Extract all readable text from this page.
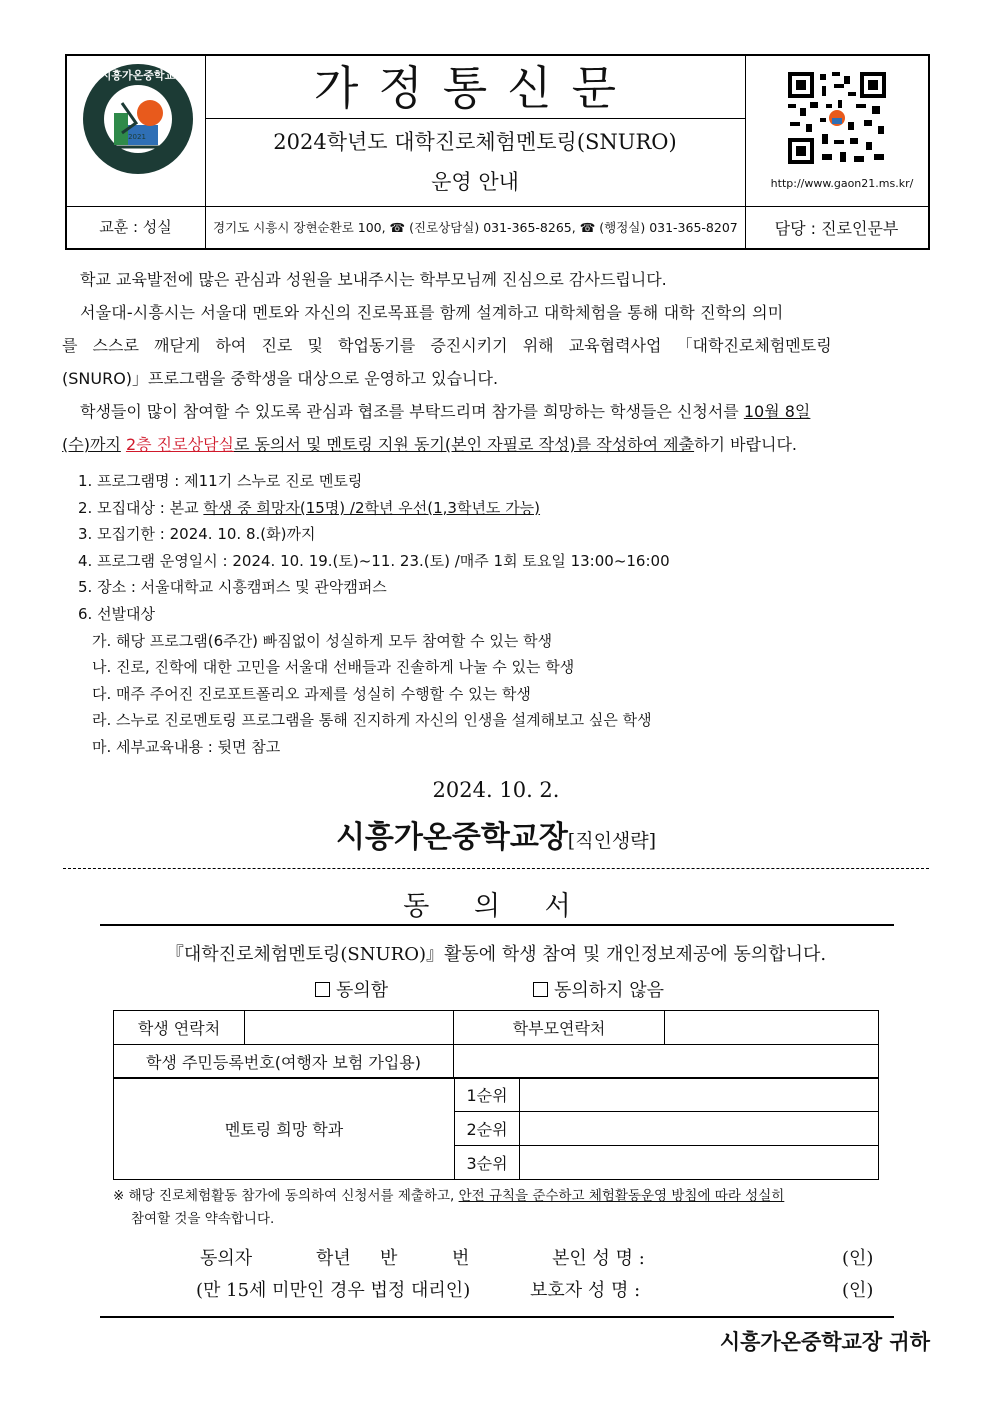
시흥가온중학교
2021
가정통신문
2024학년도 대학진로체험멘토링(SNURO)
운영 안내	http://www.gaon21.ms.kr/
교훈 : 성실	경기도 시흥시 장현순환로 100, ☎ (진로상담실) 031-365-8265, ☎ (행정실) 031-365-8207	담당 : 진로인문부
학교 교육발전에 많은 관심과 성원을 보내주시는 학부모님께 진심으로 감사드립니다.
서울대-시흥시는 서울대 멘토와 자신의 진로목표를 함께 설계하고 대학체험을 통해 대학 진학의 의미
를 스스로 깨닫게 하여 진로 및 학업동기를 증진시키기 위해 교육협력사업 「대학진로체험멘토링
(SNURO)」프로그램을 중학생을 대상으로 운영하고 있습니다.
학생들이 많이 참여할 수 있도록 관심과 협조를 부탁드리며 참가를 희망하는 학생들은 신청서를 10월 8일
(수)까지 2층 진로상담실로 동의서 및 멘토링 지원 동기(본인 자필로 작성)를 작성하여 제출하기 바랍니다.
1. 프로그램명 : 제11기 스누로 진로 멘토링
2. 모집대상 : 본교 학생 중 희망자(15명) /2학년 우선(1,3학년도 가능)
3. 모집기한 : 2024. 10. 8.(화)까지
4. 프로그램 운영일시 : 2024. 10. 19.(토)~11. 23.(토) /매주 1회 토요일 13:00~16:00
5. 장소 : 서울대학교 시흥캠퍼스 및 관악캠퍼스
6. 선발대상
가. 해당 프로그램(6주간) 빠짐없이 성실하게 모두 참여할 수 있는 학생
나. 진로, 진학에 대한 고민을 서울대 선배들과 진솔하게 나눌 수 있는 학생
다. 매주 주어진 진로포트폴리오 과제를 성실히 수행할 수 있는 학생
라. 스누로 진로멘토링 프로그램을 통해 진지하게 자신의 인생을 설계해보고 싶은 학생
마. 세부교육내용 : 뒷면 참고
2024. 10. 2.
시흥가온중학교장[직인생략]
동 의 서
『대학진로체험멘토링(SNURO)』활동에 학생 참여 및 개인정보제공에 동의합니다.
동의함	동의하지 않음
학생 연락처		학부모연락처	
학생 주민등록번호(여행자 보험 가입용)			
멘토링 희망 학과	1순위	
	2순위	
	3순위	
※ 해당 진로체험활동 참가에 동의하여 신청서를 제출하고, 안전 규칙을 준수하고 체험활동운영 방침에 따라 성실히
참여할 것을 약속합니다.
동의자	학년 반	번	본인 성 명 :	(인)
(만 15세 미만인 경우 법정 대리인)	보호자 성 명 :	(인)
시흥가온중학교장 귀하
